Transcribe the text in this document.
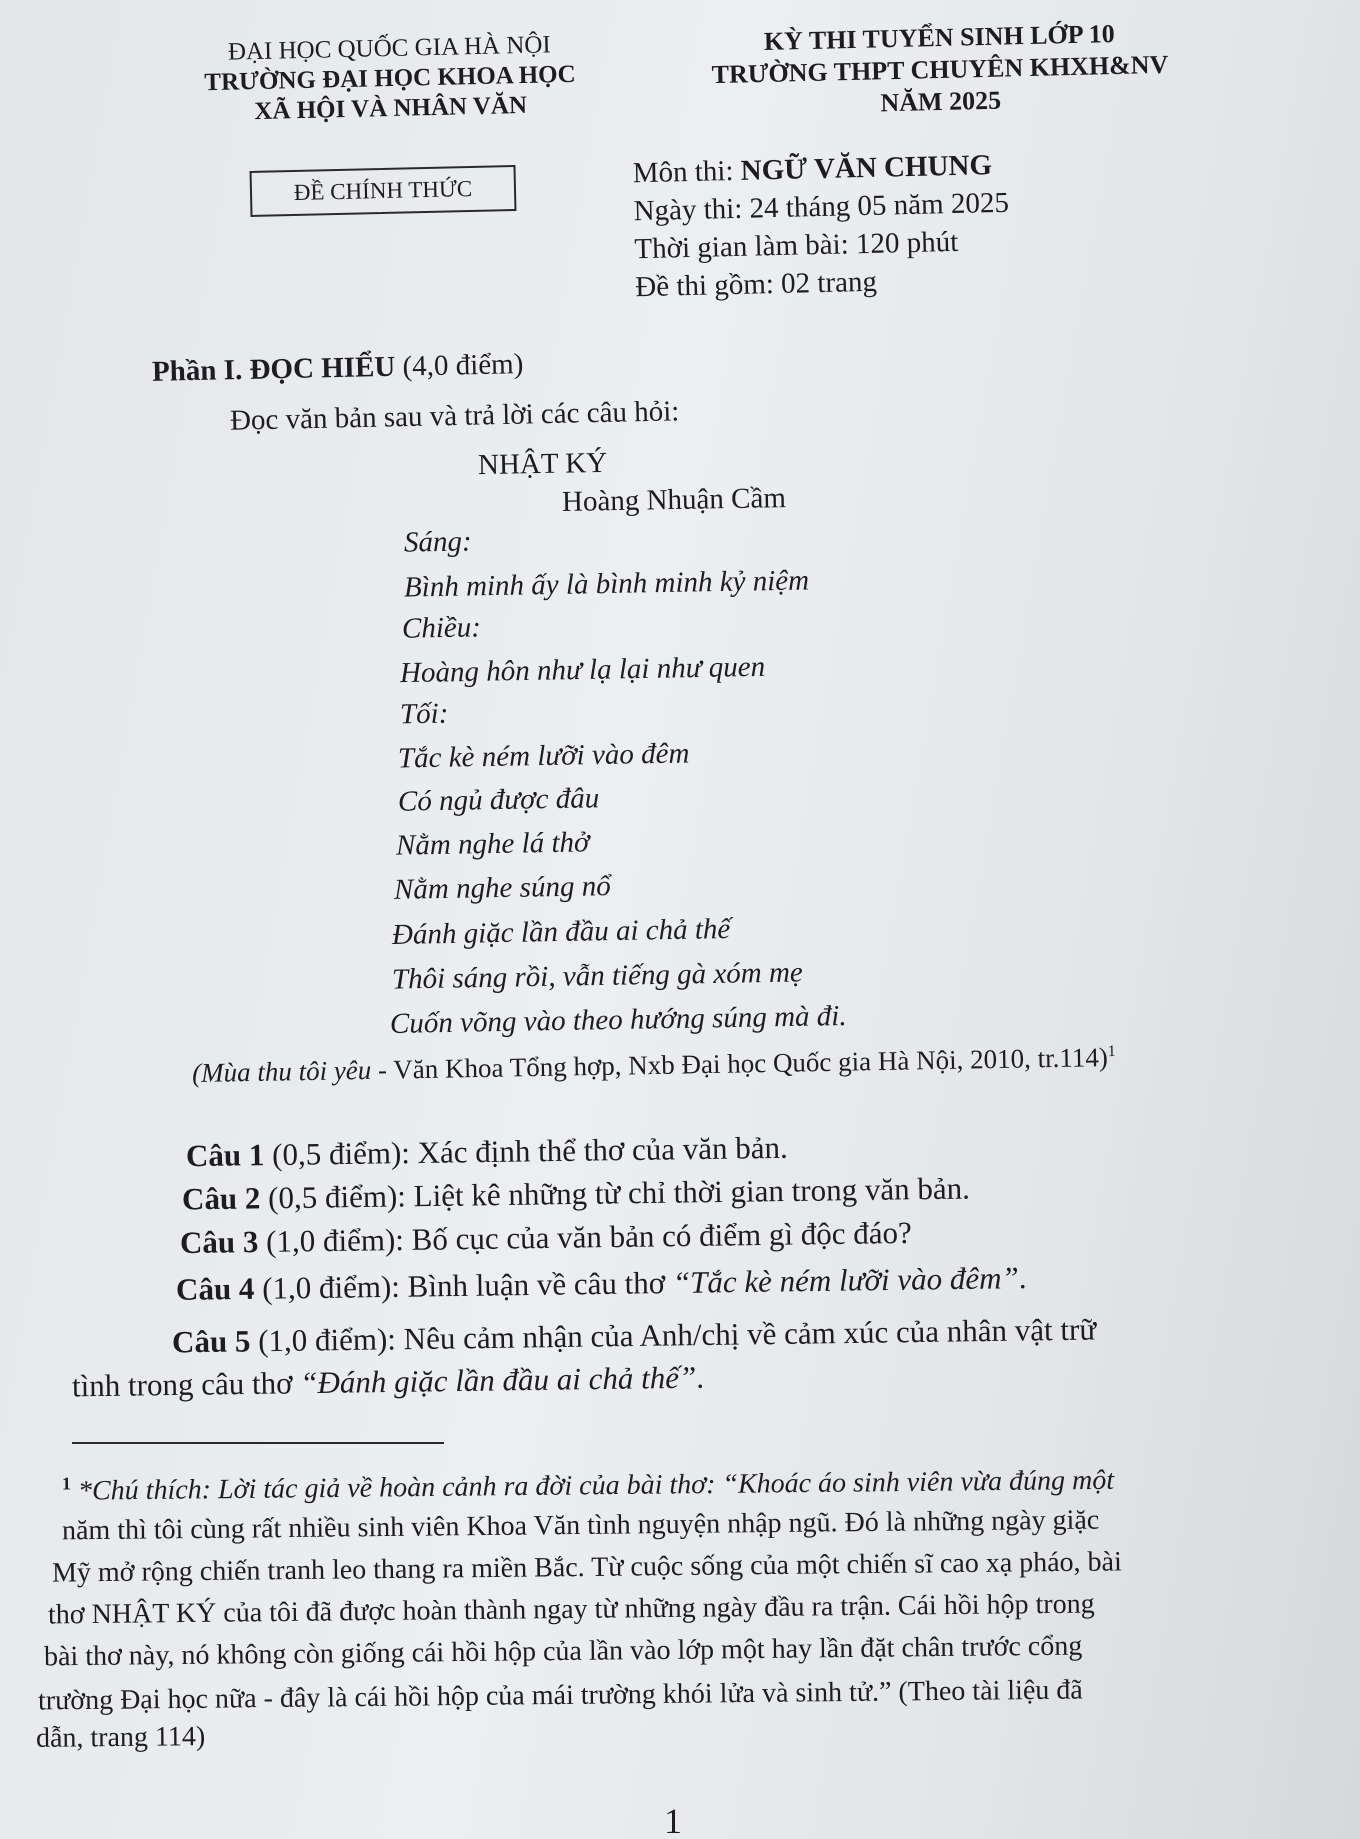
ĐẠI HỌC QUỐC GIA HÀ NỘI
TRƯỜNG ĐẠI HỌC KHOA HỌC
XÃ HỘI VÀ NHÂN VĂN
KỲ THI TUYỂN SINH LỚP 10
TRƯỜNG THPT CHUYÊN KHXH&NV
NĂM 2025
ĐỀ CHÍNH THỨC
Môn thi: NGỮ VĂN CHUNG
Ngày thi: 24 tháng 05 năm 2025
Thời gian làm bài: 120 phút
Đề thi gồm: 02 trang
Phần I. ĐỌC HIỂU (4,0 điểm)
Đọc văn bản sau và trả lời các câu hỏi:
NHẬT KÝ
Hoàng Nhuận Cầm
Sáng:
Bình minh ấy là bình minh kỷ niệm
Chiều:
Hoàng hôn như lạ lại như quen
Tối:
Tắc kè ném lưỡi vào đêm
Có ngủ được đâu
Nằm nghe lá thở
Nằm nghe súng nổ
Đánh giặc lần đầu ai chả thế
Thôi sáng rồi, vẫn tiếng gà xóm mẹ
Cuốn võng vào theo hướng súng mà đi.
(Mùa thu tôi yêu - Văn Khoa Tổng hợp, Nxb Đại học Quốc gia Hà Nội, 2010, tr.114)$^1$
Câu 1 (0,5 điểm): Xác định thể thơ của văn bản.
Câu 2 (0,5 điểm): Liệt kê những từ chỉ thời gian trong văn bản.
Câu 3 (1,0 điểm): Bố cục của văn bản có điểm gì độc đáo?
Câu 4 (1,0 điểm): Bình luận về câu thơ “Tắc kè ném lưỡi vào đêm”.
Câu 5 (1,0 điểm): Nêu cảm nhận của Anh/chị về cảm xúc của nhân vật trữ
tình trong câu thơ “Đánh giặc lần đầu ai chả thế”.
$^1$ *Chú thích: Lời tác giả về hoàn cảnh ra đời của bài thơ: “Khoác áo sinh viên vừa đúng một
năm thì tôi cùng rất nhiều sinh viên Khoa Văn tình nguyện nhập ngũ. Đó là những ngày giặc
Mỹ mở rộng chiến tranh leo thang ra miền Bắc. Từ cuộc sống của một chiến sĩ cao xạ pháo, bài
thơ NHẬT KÝ của tôi đã được hoàn thành ngay từ những ngày đầu ra trận. Cái hồi hộp trong
bài thơ này, nó không còn giống cái hồi hộp của lần vào lớp một hay lần đặt chân trước cổng
trường Đại học nữa - đây là cái hồi hộp của mái trường khói lửa và sinh tử.” (Theo tài liệu đã
dẫn, trang 114)
1
